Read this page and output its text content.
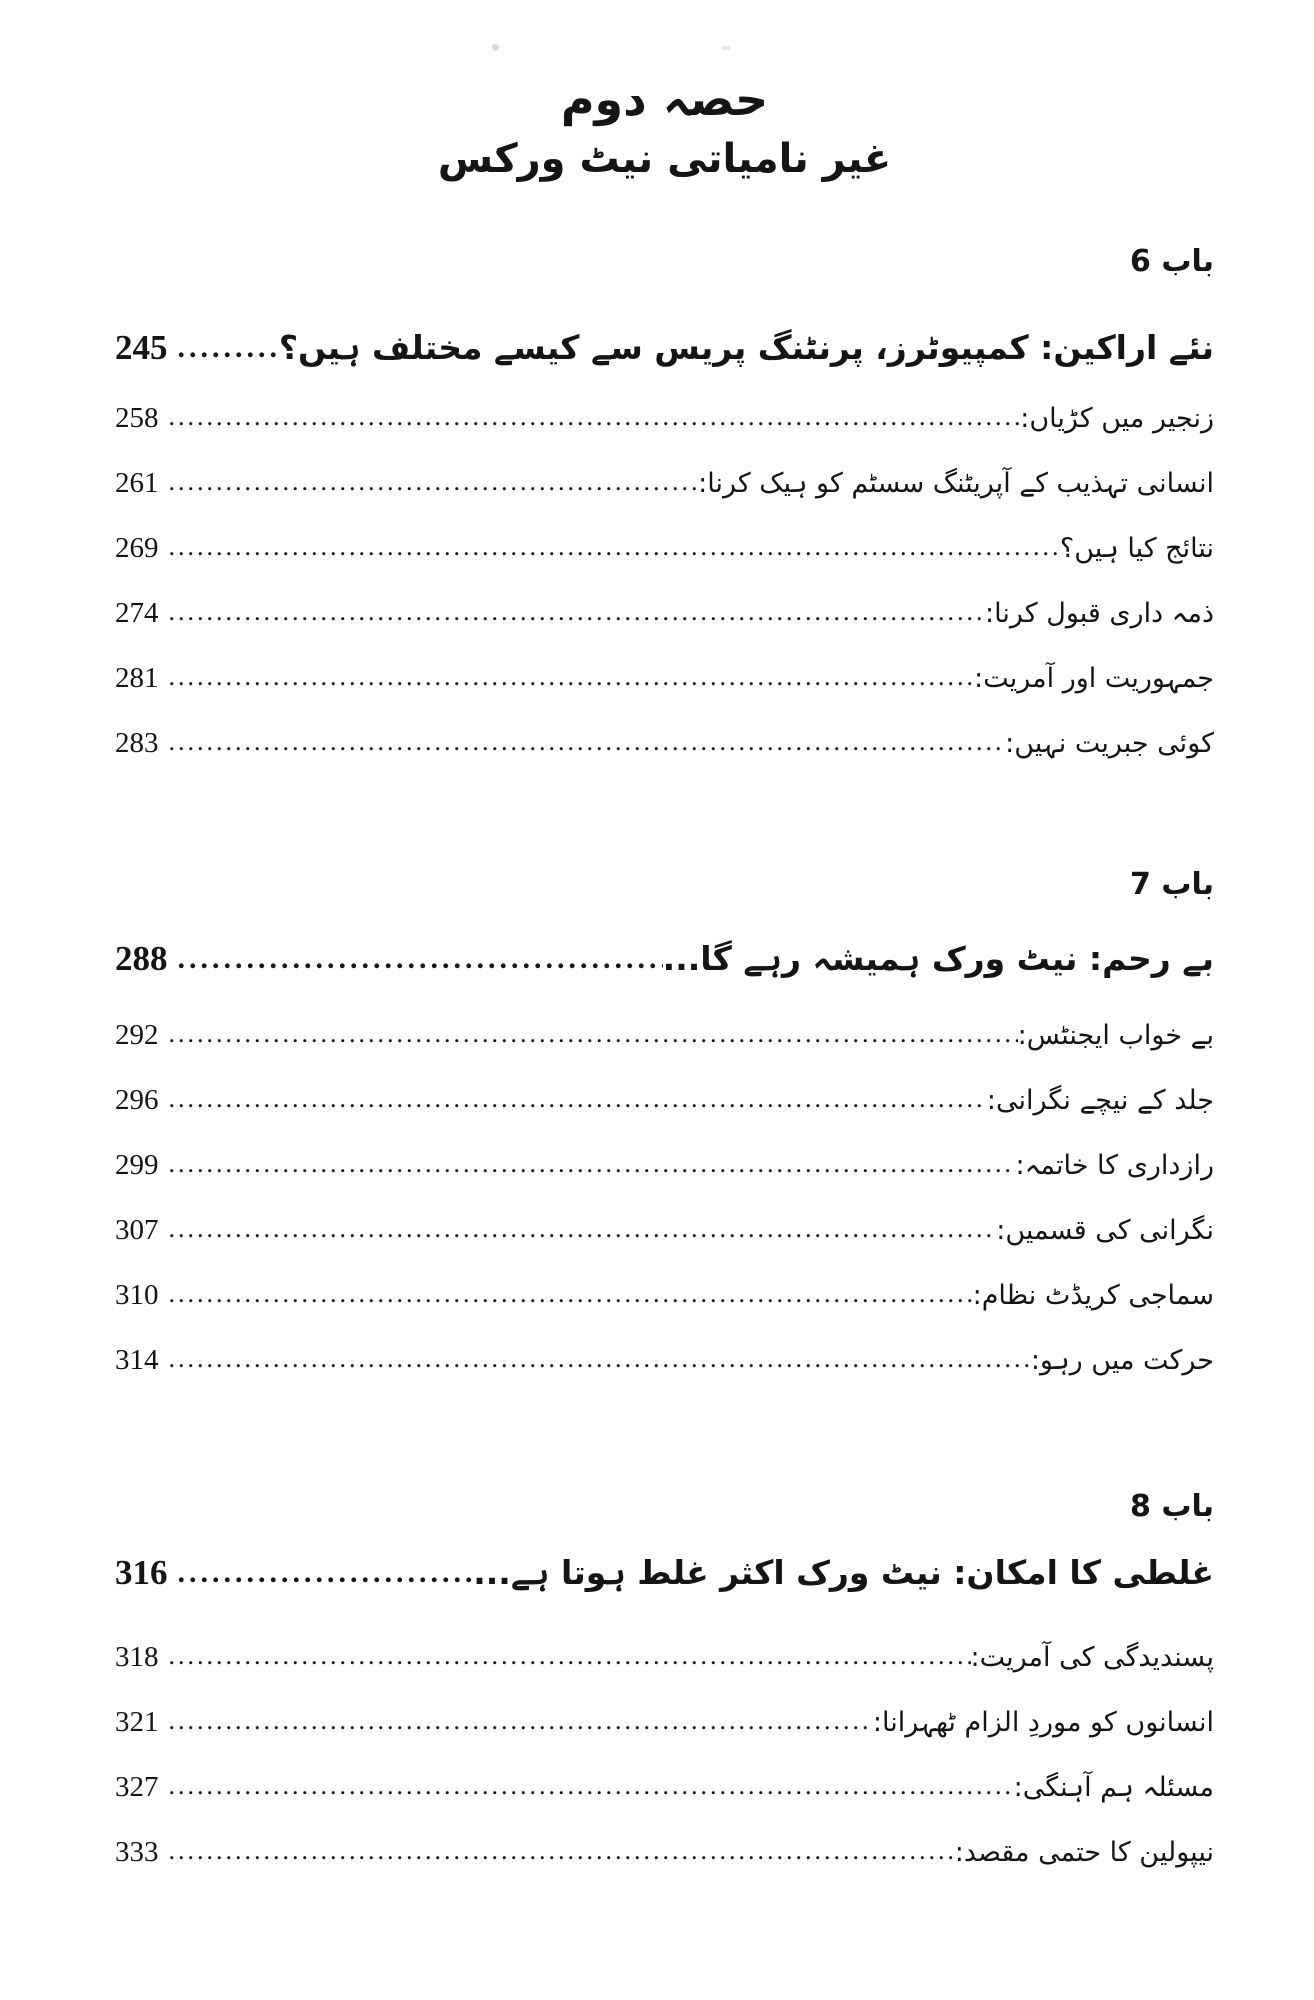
حصہ دوم
غیر نامیاتی نیٹ ورکس
باب 6
نئے اراکین: کمپیوٹرز، پرنٹنگ پریس سے کیسے مختلف ہیں؟
.....
245
زنجیر میں کڑیاں:
.....
258
انسانی تہذیب کے آپریٹنگ سسٹم کو ہیک کرنا:
.....
261
نتائج کیا ہیں؟
.....
269
ذمہ داری قبول کرنا:
.....
274
جمہوریت اور آمریت:
.....
281
کوئی جبریت نہیں:
.....
283
باب 7
بے رحم: نیٹ ورک ہمیشہ رہے گا...
.....
288
بے خواب ایجنٹس:
.....
292
جلد کے نیچے نگرانی:
.....
296
رازداری کا خاتمہ:
.....
299
نگرانی کی قسمیں:
.....
307
سماجی کریڈٹ نظام:
.....
310
حرکت میں رہو:
.....
314
باب 8
غلطی کا امکان: نیٹ ورک اکثر غلط ہوتا ہے...
.....
316
پسندیدگی کی آمریت:
.....
318
انسانوں کو موردِ الزام ٹھہرانا:
.....
321
مسئلہ ہم آہنگی:
.....
327
نیپولین کا حتمی مقصد:
.....
333
